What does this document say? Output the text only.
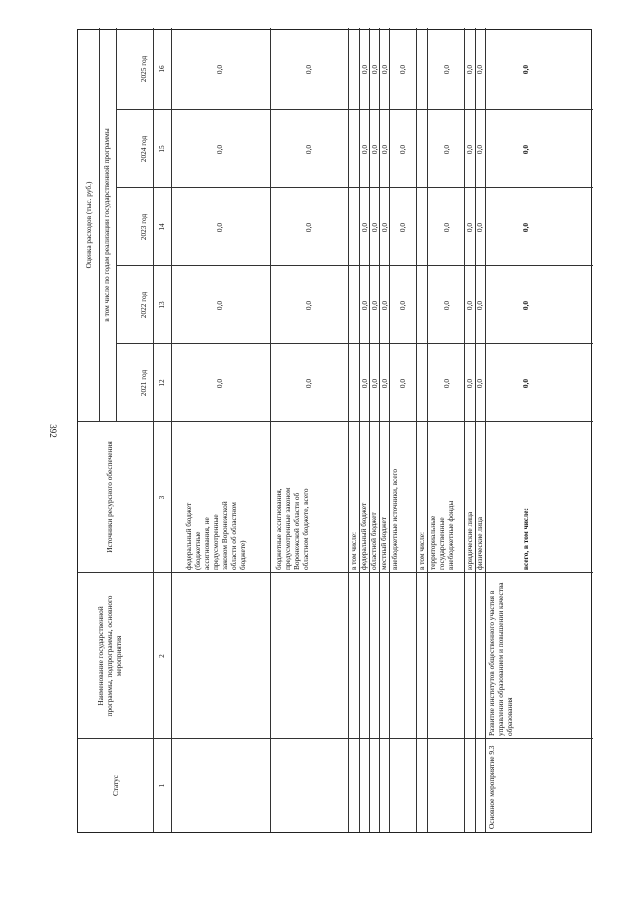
392
Статус
Наименование государственной программы, подпрограммы, основного мероприятия
Источники ресурсного обеспечения
Оценка расходов (тыс. руб.) в том числе по годам реализации государственной программы
2021 год
2022 год
2023 год
2024 год
2025 год
1
2
3
12
13
14
15
16
федеральный бюджет (бюджетные ассигнования, не предусмотренные законом Воронежской области об областном бюджете)	бюджетные ассигнования, предусмотренные законом Воронежской области об областном бюджете, всего	в том числе: федеральный бюджет областной бюджет местный бюджет внебюджетные источники, всего в том числе: территориальные государственные внебюджетные фонды юридические лица физические лица
Основное мероприятие 9.3
Развитие институтов общественного участия в управлении образованием и повышении качества образования
всего, в том числе:
0,0
0,0
0,0
0,0
0,0
0,0
0,0
0,0
0,0
0,0
0,0
0,0
0,0
0,0
0,0
0,0
0,0
0,0
0,0
0,0
0,0
0,0
0,0
0,0
0,0
0,0
0,0
0,0
0,0
0,0
0,0
0,0
0,0
0,0
0,0
0,0
0,0
0,0
0,0
0,0
0,0
0,0
0,0
0,0
0,0
0,0
0,0
0,0
0,0
0,0
